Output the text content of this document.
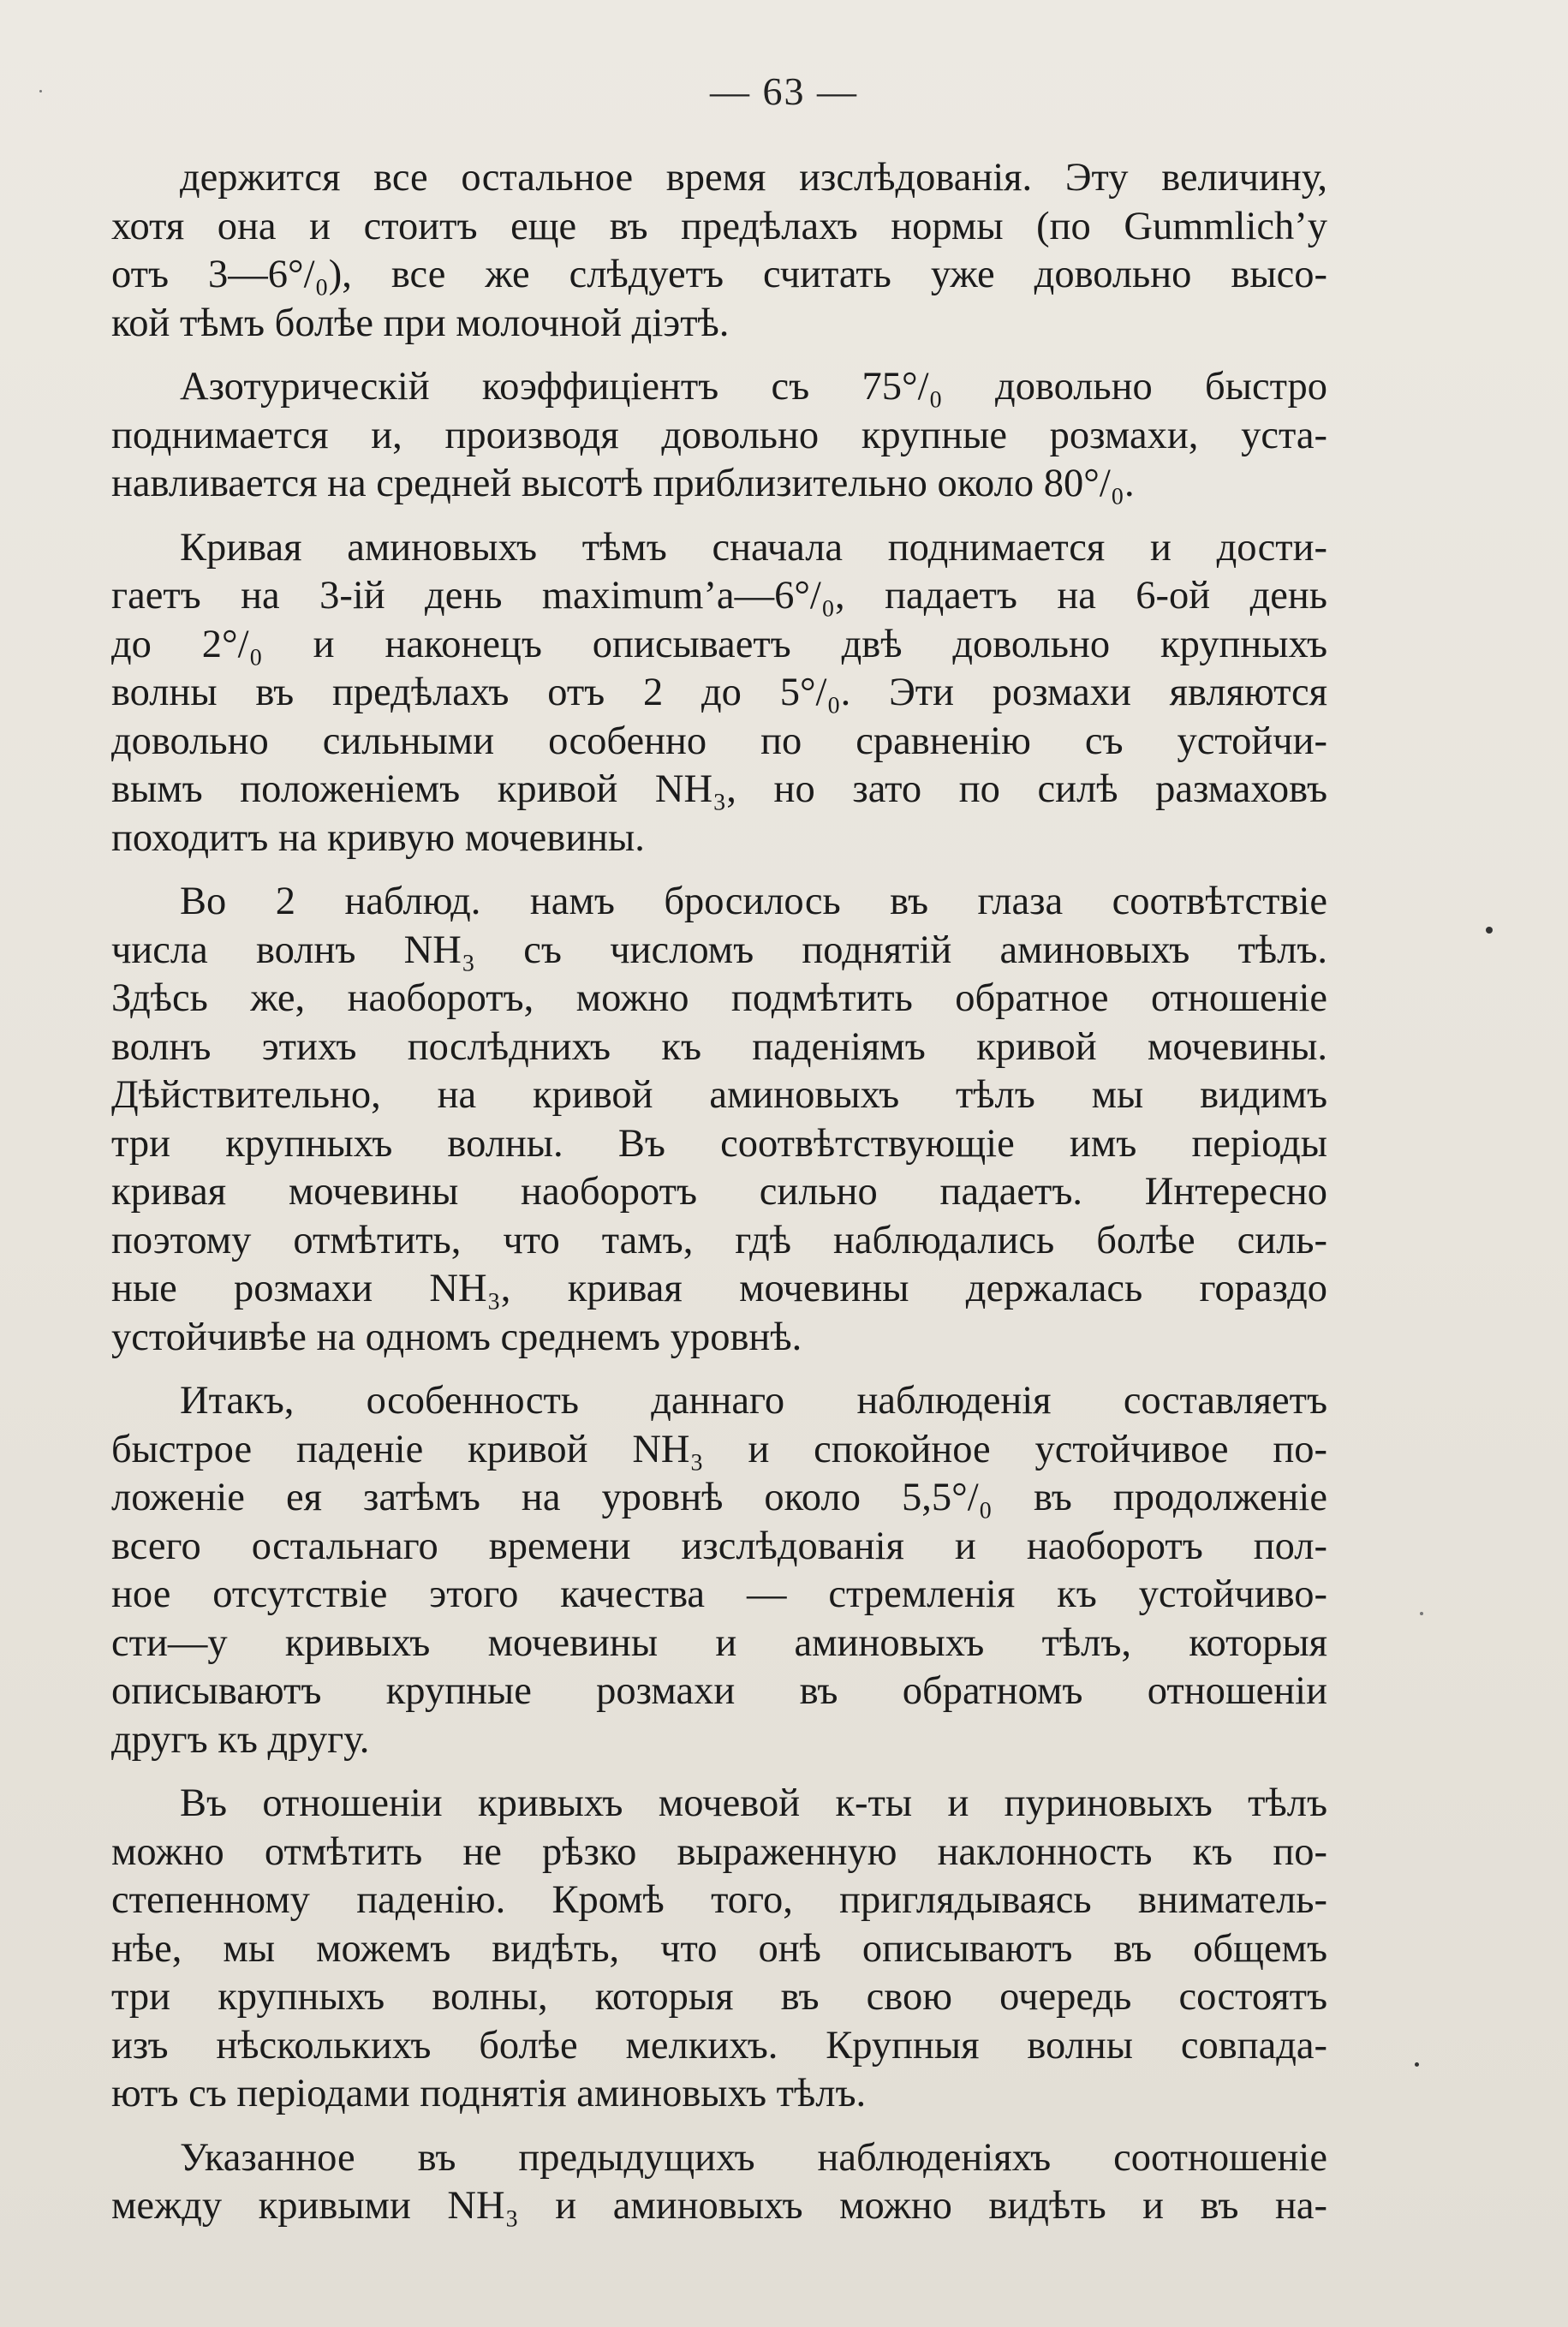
— 63 —
держится все остальное время изслѣдованія. Эту величину,
хотя она и стоитъ еще въ предѣлахъ нормы (по Gummlich’у
отъ 3—6°/₀), все же слѣдуетъ считать уже довольно высо-
кой тѣмъ болѣе при молочной діэтѣ.
Азотурическій коэффиціентъ съ 75°/₀ довольно быстро
поднимается и, производя довольно крупные розмахи, уста-
навливается на средней высотѣ приблизительно около 80°/₀.
Кривая аминовыхъ тѣмъ сначала поднимается и дости-
гаетъ на 3-ій день maximum’а—6°/₀, падаетъ на 6-ой день
до 2°/₀ и наконецъ описываетъ двѣ довольно крупныхъ
волны въ предѣлахъ отъ 2 до 5°/₀. Эти розмахи являются
довольно сильными особенно по сравненію съ устойчи-
вымъ положеніемъ кривой NH₃, но зато по силѣ размаховъ
походитъ на кривую мочевины.
Во 2 наблюд. намъ бросилось въ глаза соотвѣтствіе
числа волнъ NH₃ съ числомъ поднятій аминовыхъ тѣлъ.
Здѣсь же, наоборотъ, можно подмѣтить обратное отношеніе
волнъ этихъ послѣднихъ къ паденіямъ кривой мочевины.
Дѣйствительно, на кривой аминовыхъ тѣлъ мы видимъ
три крупныхъ волны. Въ соотвѣтствующіе имъ періоды
кривая мочевины наоборотъ сильно падаетъ. Интересно
поэтому отмѣтить, что тамъ, гдѣ наблюдались болѣе силь-
ные розмахи NH₃, кривая мочевины держалась гораздо
устойчивѣе на одномъ среднемъ уровнѣ.
Итакъ, особенность даннаго наблюденія составляетъ
быстрое паденіе кривой NH₃ и спокойное устойчивое по-
ложеніе ея затѣмъ на уровнѣ около 5,5°/₀ въ продолженіе
всего остальнаго времени изслѣдованія и наоборотъ пол-
ное отсутствіе этого качества — стремленія къ устойчиво-
сти—у кривыхъ мочевины и аминовыхъ тѣлъ, которыя
описываютъ крупные розмахи въ обратномъ отношеніи
другъ къ другу.
Въ отношеніи кривыхъ мочевой к-ты и пуриновыхъ тѣлъ
можно отмѣтить не рѣзко выраженную наклонность къ по-
степенному паденію. Кромѣ того, приглядываясь вниматель-
нѣе, мы можемъ видѣть, что онѣ описываютъ въ общемъ
три крупныхъ волны, которыя въ свою очередь состоятъ
изъ нѣсколькихъ болѣе мелкихъ. Крупныя волны совпада-
ютъ съ періодами поднятія аминовыхъ тѣлъ.
Указанное въ предыдущихъ наблюденіяхъ соотношеніе
между кривыми NH₃ и аминовыхъ можно видѣть и въ на-
